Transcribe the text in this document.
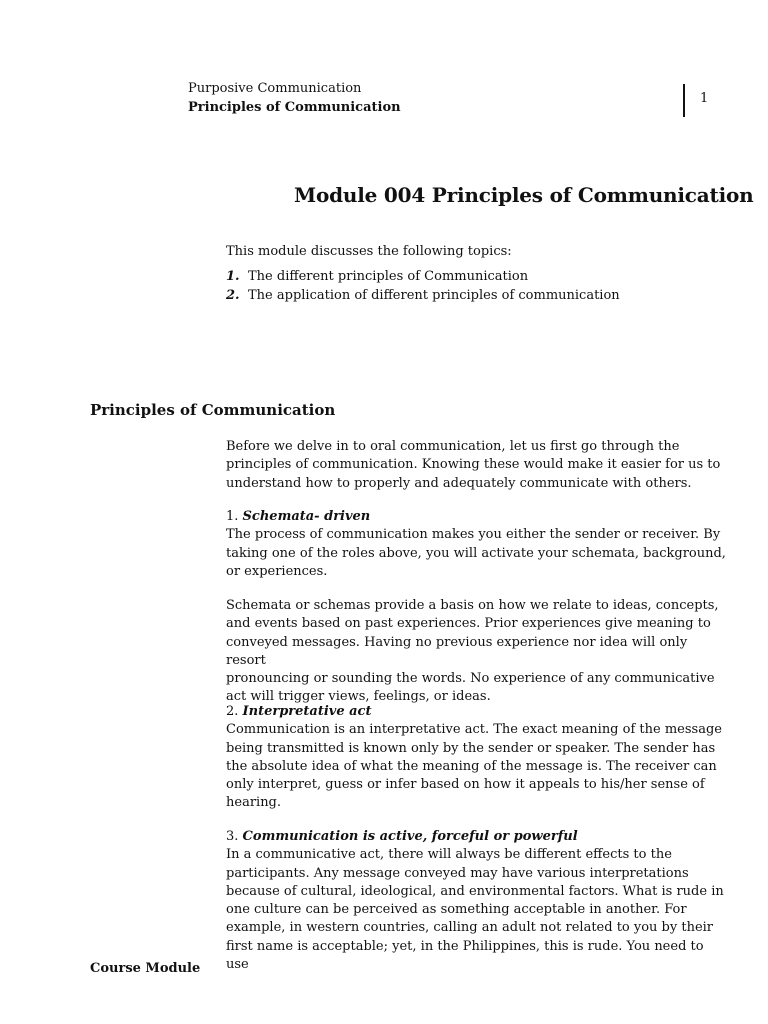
Purposive Communication
Principles of Communication
1
Module 004 Principles of Communication
This module discusses the following topics:
1. The different principles of Communication
2. The application of different principles of communication
Principles of Communication

Before we delve in to oral communication, let us first go through the

principles of communication. Knowing these would make it easier for us to

understand how to properly and adequately communicate with others.

1. Schemata- driven

The process of communication makes you either the sender or receiver. By

taking one of the roles above, you will activate your schemata, background,

or experiences.

Schemata or schemas provide a basis on how we relate to ideas, concepts,

and events based on past experiences. Prior experiences give meaning to

conveyed messages. Having no previous experience nor idea will only resort

pronouncing or sounding the words. No experience of any communicative

act will trigger views, feelings, or ideas.

2. Interpretative act

Communication is an interpretative act. The exact meaning of the message

being transmitted is known only by the sender or speaker. The sender has

the absolute idea of what the meaning of the message is. The receiver can

only interpret, guess or infer based on how it appeals to his/her sense of

hearing.

3. Communication is active, forceful or powerful

In a communicative act, there will always be different effects to the

participants. Any message conveyed may have various interpretations

because of cultural, ideological, and environmental factors. What is rude in

one culture can be perceived as something acceptable in another. For

example, in western countries, calling an adult not related to you by their

first name is acceptable; yet, in the Philippines, this is rude. You need to use

Course Module
